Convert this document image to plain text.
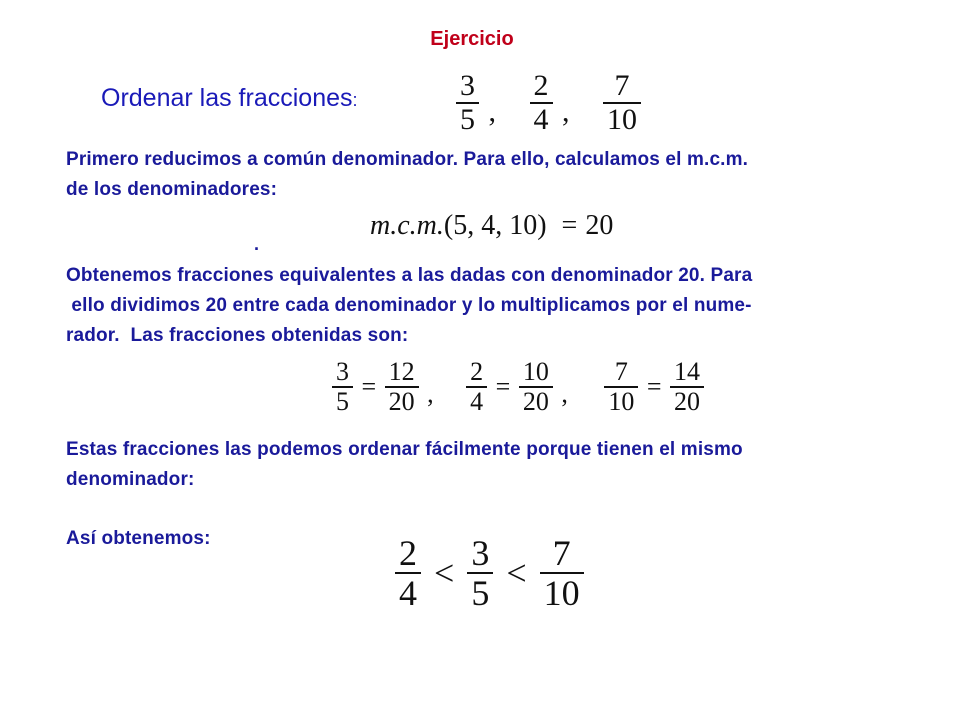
Ejercicio
Ordenar las fracciones:	$\frac{3}{5}$ , $\frac{2}{4}$ , $\frac{7}{10}$
Primero reducimos a común denominador. Para ello, calculamos el m.c.m.
de los denominadores:
m.c.m.(5, 4, 10) = 20
.
Obtenemos fracciones equivalentes a las dadas con denominador 20. Para
ello dividimos 20 entre cada denominador y lo multiplicamos por el nume-
rador.  Las fracciones obtenidas son:
$\frac{3}{5} = \frac{12}{20}$ , $\frac{2}{4} = \frac{10}{20}$ , $\frac{7}{10} = \frac{14}{20}$
Estas fracciones las podemos ordenar fácilmente porque tienen el mismo
denominador:
Así obtenemos:	$\frac{2}{4} < \frac{3}{5} < \frac{7}{10}$
